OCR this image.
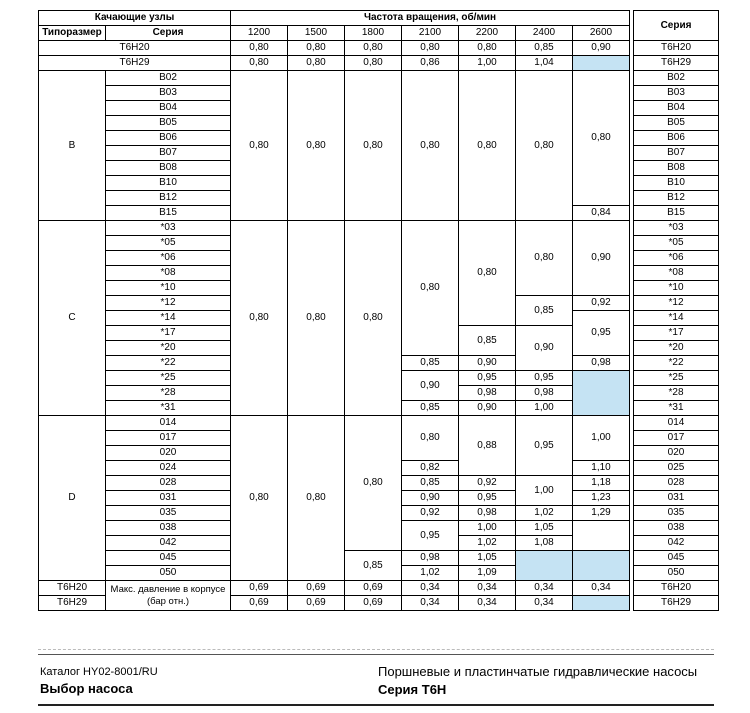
Качающие узлы		Частота вращения, об/мин								Серия
Типоразмер	Серия	1200	1500	1800	2100	2200	2400	2600		
T6H20		0,80	0,80	0,80	0,80	0,80	0,85	0,90		T6H20
T6H29		0,80	0,80	0,80	0,86	1,00	1,04			T6H29
B	B02	0,80	0,80	0,80	0,80	0,80	0,80	0,80		B02
	B03									B03
	B04									B04
	B05									B05
	B06									B06
	B07									B07
	B08									B08
	B10									B10
	B12									B12
	B15							0,84		B15
C	*03	0,80	0,80	0,80	0,80	0,80	0,80	0,90		*03
	*05									*05
	*06									*06
	*08									*08
	*10									*10
	*12						0,85	0,92		*12
	*14							0,95		*14
	*17					0,85	0,90			*17
	*20									*20
	*22				0,85	0,90		0,98		*22
	*25				0,90	0,95	0,95			*25
	*28					0,98	0,98			*28
	*31				0,85	0,90	1,00			*31
D	014	0,80	0,80	0,80	0,80	0,88	0,95	1,00		014
	017									017
	020									020
	024				0,82			1,10		025
	028				0,85	0,92	1,00	1,18		028
	031				0,90	0,95		1,23		031
	035				0,92	0,98	1,02	1,29		035
	038				0,95	1,00	1,05			038
	042					1,02	1,08			042
	045			0,85	0,98	1,05				045
	050				1,02	1,09				050
T6H20	Макс. давление в корпусе (бар отн.)	0,69	0,69	0,69	0,34	0,34	0,34	0,34		T6H20
T6H29		0,69	0,69	0,69	0,34	0,34	0,34			T6H29
Каталог HY02-8001/RU
Выбор насоса
Поршневые и пластинчатые гидравлические насосы
Серия T6H
